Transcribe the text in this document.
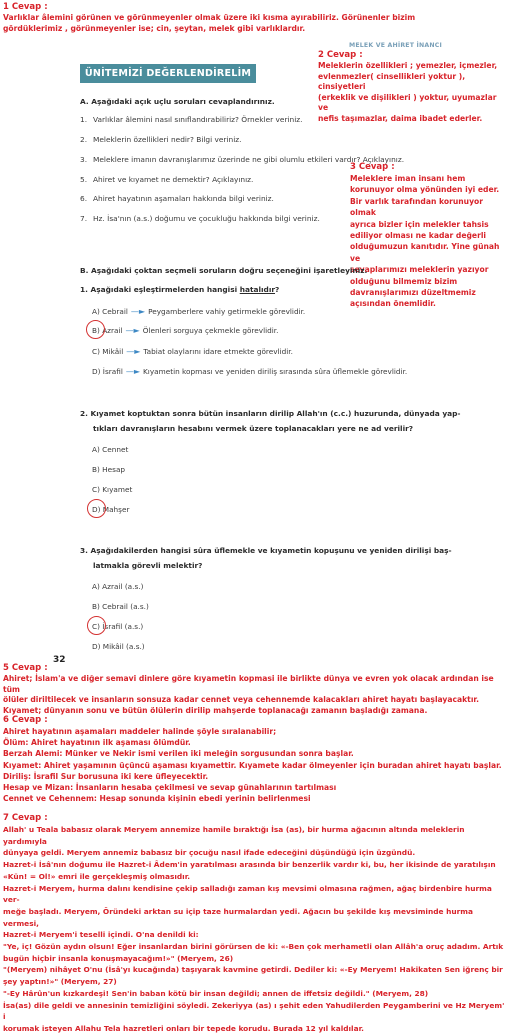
1 Cevap :
Varlıklar âlemini görünen ve görünmeyenler olmak üzere iki kısma ayırabiliriz. Görünenler bizim
gördüklerimiz , görünmeyenler ise; cin, şeytan, melek gibi varlıklardır.
MELEK VE AHİRET İNANCI
2 Cevap :
Meleklerin özellikleri ; yemezler, içmezler,
evlenmezler( cinsellikleri yoktur ), cinsiyetleri
(erkeklik ve dişilikleri ) yoktur, uyumazlar ve
nefis taşımazlar, daima ibadet ederler.
ÜNİTEMİZİ DEĞERLENDİRELİM
A. Aşağıdaki açık uçlu soruları cevaplandırınız.
1. Varlıklar âlemini nasıl sınıflandırabiliriz? Örnekler veriniz.
2. Meleklerin özellikleri nedir? Bilgi veriniz.
3. Meleklere imanın davranışlarımız üzerinde ne gibi olumlu etkileri vardır? Açıklayınız.
5. Ahiret ve kıyamet ne demektir? Açıklayınız.
6. Ahiret hayatının aşamaları hakkında bilgi veriniz.
7. Hz. İsa'nın (a.s.) doğumu ve çocukluğu hakkında bilgi veriniz.
3 Cevap :
Meleklere iman insanı hem
korunuyor olma yönünden iyi eder.
Bir varlık tarafından korunuyor olmak
ayrıca bizler için melekler tahsis
ediliyor olması ne kadar değerli
olduğumuzun kanıtıdır. Yine günah ve
sevaplarımızı meleklerin yazıyor
olduğunu bilmemiz bizim
davranışlarımızı düzeltmemiz
açısından önemlidir.
B. Aşağıdaki çoktan seçmeli soruların doğru seçeneğini işaretleyiniz.
1. Aşağıdaki eşleştirmelerden hangisi hatalıdır?
A) Cebrail —► Peygamberlere vahiy getirmekle görevlidir.
B) Azrail —► Ölenleri sorguya çekmekle görevlidir.
C) Mikâil —► Tabiat olaylarını idare etmekte görevlidir.
D) İsrafil —► Kıyametin kopması ve yeniden diriliş sırasında sûra üflemekle görevlidir.
2. Kıyamet koptuktan sonra bütün insanların dirilip Allah'ın (c.c.) huzurunda, dünyada yap-
tıkları davranışların hesabını vermek üzere toplanacakları yere ne ad verilir?
A) Cennet
B) Hesap
C) Kıyamet
D) Mahşer
3. Aşağıdakilerden hangisi sûra üflemekle ve kıyametin kopuşunu ve yeniden dirilişi baş-
latmakla görevli melektir?
A) Azrail (a.s.)
B) Cebrail (a.s.)
C) İsrafil (a.s.)
D) Mikâil (a.s.)
32
5 Cevap :
Ahiret; İslam'a ve diğer semavi dinlere göre kıyametin kopmasi ile birlikte dünya ve evren yok olacak ardından ise tüm
ölüler diriltilecek ve insanların sonsuza kadar cennet veya cehennemde kalacakları ahiret hayatı başlayacaktır.
Kıyamet; dünyanın sonu ve bütün ölülerin dirilip mahşerde toplanacağı zamanın başladığı zamana.
6 Cevap :
Ahiret hayatının aşamaları maddeler halinde şöyle sıralanabilir;
Ölüm: Ahiret hayatının ilk aşaması ölümdür.
Berzah Alemi: Münker ve Nekir ismi verilen iki meleğin sorgusundan sonra başlar.
Kıyamet: Ahiret yaşamının üçüncü aşaması kıyamettir. Kıyamete kadar ölmeyenler için buradan ahiret hayatı başlar.
Diriliş: İsrafil Sur borusuna iki kere üfleyecektir.
Hesap ve Mizan: İnsanların hesaba çekilmesi ve sevap günahlarının tartılması
Cennet ve Cehennem: Hesap sonunda kişinin ebedi yerinin belirlenmesi
7 Cevap :
Allah' u Teala babasız olarak Meryem annemize hamile bıraktığı İsa (as), bir hurma ağacının altında meleklerin yardımıyla
dünyaya geldi. Meryem annemiz babasız bir çocuğu nasıl ifade edeceğini düşündüğü için üzgündü.
Hazret-i İsâ'nın doğumu ile Hazret-i Âdem'in yaratılması arasında bir benzerlik vardır ki, bu, her ikisinde de yaratılışın
«Kün! = Ol!» emri ile gerçekleşmiş olmasıdır.
Hazret-i Meryem, hurma dalını kendisine çekip salladığı zaman kış mevsimi olmasına rağmen, ağaç birdenbire hurma ver-
meğe başladı. Meryem, Öründeki arktan su içip taze hurmalardan yedi. Ağacın bu şekilde kış mevsiminde hurma vermesi,
Hazret-i Meryem'i teselli içindi. O'na denildi ki:
"Ye, iç! Gözün aydın olsun! Eğer insanlardan birini görürsen de ki: «-Ben çok merhametli olan Allâh'a oruç adadım. Artık
bugün hiçbir insanla konuşmayacağım!»" (Meryem, 26)
"(Meryem) nihâyet O'nu (İsâ'yı kucağında) taşıyarak kavmine getirdi. Dediler ki: «-Ey Meryem! Hakikaten Sen iğrenç bir
şey yaptın!»" (Meryem, 27)
"-Ey Hârûn'un kızkardeşi! Sen'in baban kötü bir insan değildi; annen de iffetsiz değildi." (Meryem, 28)
İsa(as) dile geldi ve annesinin temizliğini söyledi. Zekeriyya (as) ı şehit eden Yahudilerden Peygamberini ve Hz Meryem' i
korumak isteyen Allahu Tela hazretleri onları bir tepede korudu. Burada 12 yıl kaldılar.
